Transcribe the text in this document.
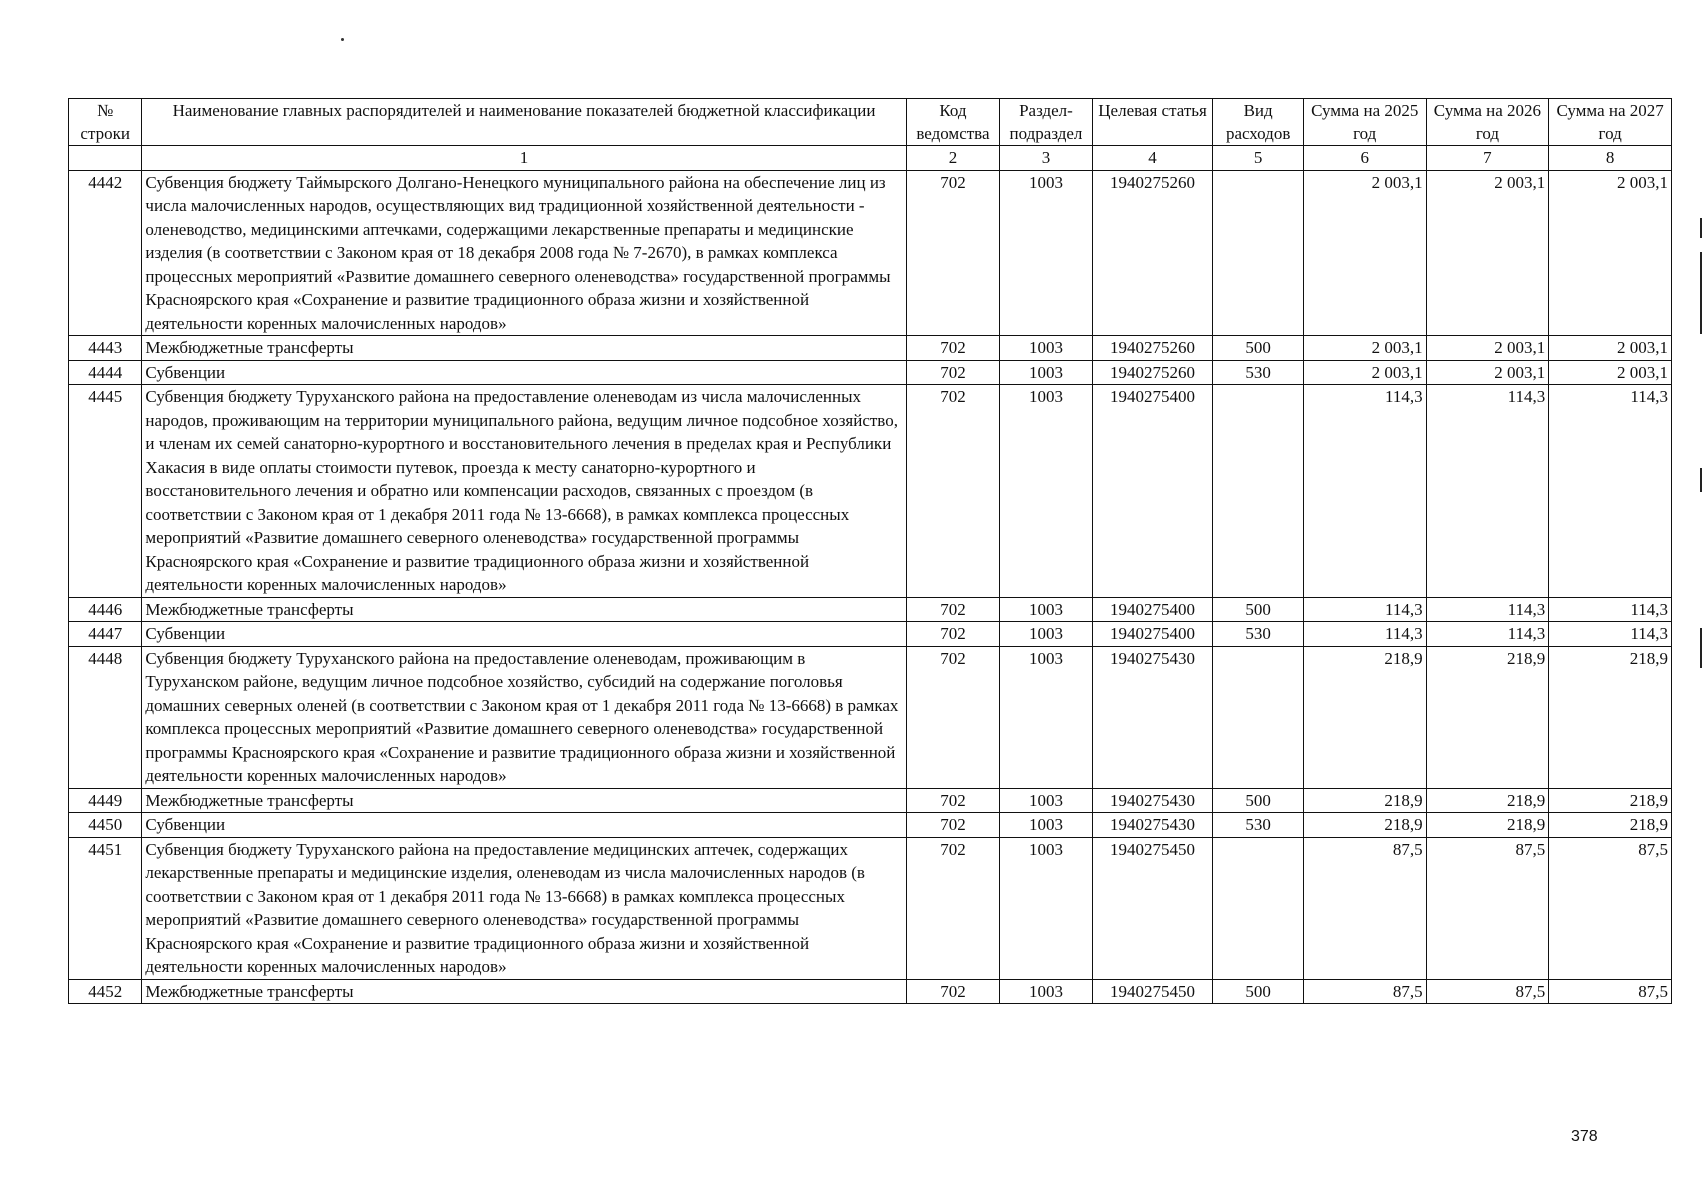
№ строки	Наименование главных распорядителей и наименование показателей бюджетной классификации	Код ведомства	Раздел-подраздел	Целевая статья	Вид расходов	Сумма на 2025 год	Сумма на 2026 год	Сумма на 2027 год
	1	2	3	4	5	6	7	8
4442	Субвенция бюджету Таймырского Долгано-Ненецкого муниципального района на обеспечение лиц из числа малочисленных народов, осуществляющих вид традиционной хозяйственной деятельности - оленеводство, медицинскими аптечками, содержащими лекарственные препараты и медицинские изделия (в соответствии с Законом края от 18 декабря 2008 года № 7-2670), в рамках комплекса процессных мероприятий «Развитие домашнего северного оленеводства» государственной программы Красноярского края «Сохранение и развитие традиционного образа жизни и хозяйственной деятельности коренных малочисленных народов»	702	1003	1940275260		2 003,1	2 003,1	2 003,1
4443	Межбюджетные трансферты	702	1003	1940275260	500	2 003,1	2 003,1	2 003,1
4444	Субвенции	702	1003	1940275260	530	2 003,1	2 003,1	2 003,1
4445	Субвенция бюджету Туруханского района на предоставление оленеводам из числа малочисленных народов, проживающим на территории муниципального района, ведущим личное подсобное хозяйство, и членам их семей санаторно-курортного и восстановительного лечения в пределах края и Республики Хакасия в виде оплаты стоимости путевок, проезда к месту санаторно-курортного и восстановительного лечения и обратно или компенсации расходов, связанных с проездом (в соответствии с Законом края от 1 декабря 2011 года № 13-6668), в рамках комплекса процессных мероприятий «Развитие домашнего северного оленеводства» государственной программы Красноярского края «Сохранение и развитие традиционного образа жизни и хозяйственной деятельности коренных малочисленных народов»	702	1003	1940275400		114,3	114,3	114,3
4446	Межбюджетные трансферты	702	1003	1940275400	500	114,3	114,3	114,3
4447	Субвенции	702	1003	1940275400	530	114,3	114,3	114,3
4448	Субвенция бюджету Туруханского района на предоставление оленеводам, проживающим в Туруханском районе, ведущим личное подсобное хозяйство, субсидий на содержание поголовья домашних северных оленей (в соответствии с Законом края от 1 декабря 2011 года № 13-6668) в рамках комплекса процессных мероприятий «Развитие домашнего северного оленеводства» государственной программы Красноярского края «Сохранение и развитие традиционного образа жизни и хозяйственной деятельности коренных малочисленных народов»	702	1003	1940275430		218,9	218,9	218,9
4449	Межбюджетные трансферты	702	1003	1940275430	500	218,9	218,9	218,9
4450	Субвенции	702	1003	1940275430	530	218,9	218,9	218,9
4451	Субвенция бюджету Туруханского района на предоставление медицинских аптечек, содержащих лекарственные препараты и медицинские изделия, оленеводам из числа малочисленных народов (в соответствии с Законом края от 1 декабря 2011 года № 13-6668) в рамках комплекса процессных мероприятий «Развитие домашнего северного оленеводства» государственной программы Красноярского края «Сохранение и развитие традиционного образа жизни и хозяйственной деятельности коренных малочисленных народов»	702	1003	1940275450		87,5	87,5	87,5
4452	Межбюджетные трансферты	702	1003	1940275450	500	87,5	87,5	87,5
378
